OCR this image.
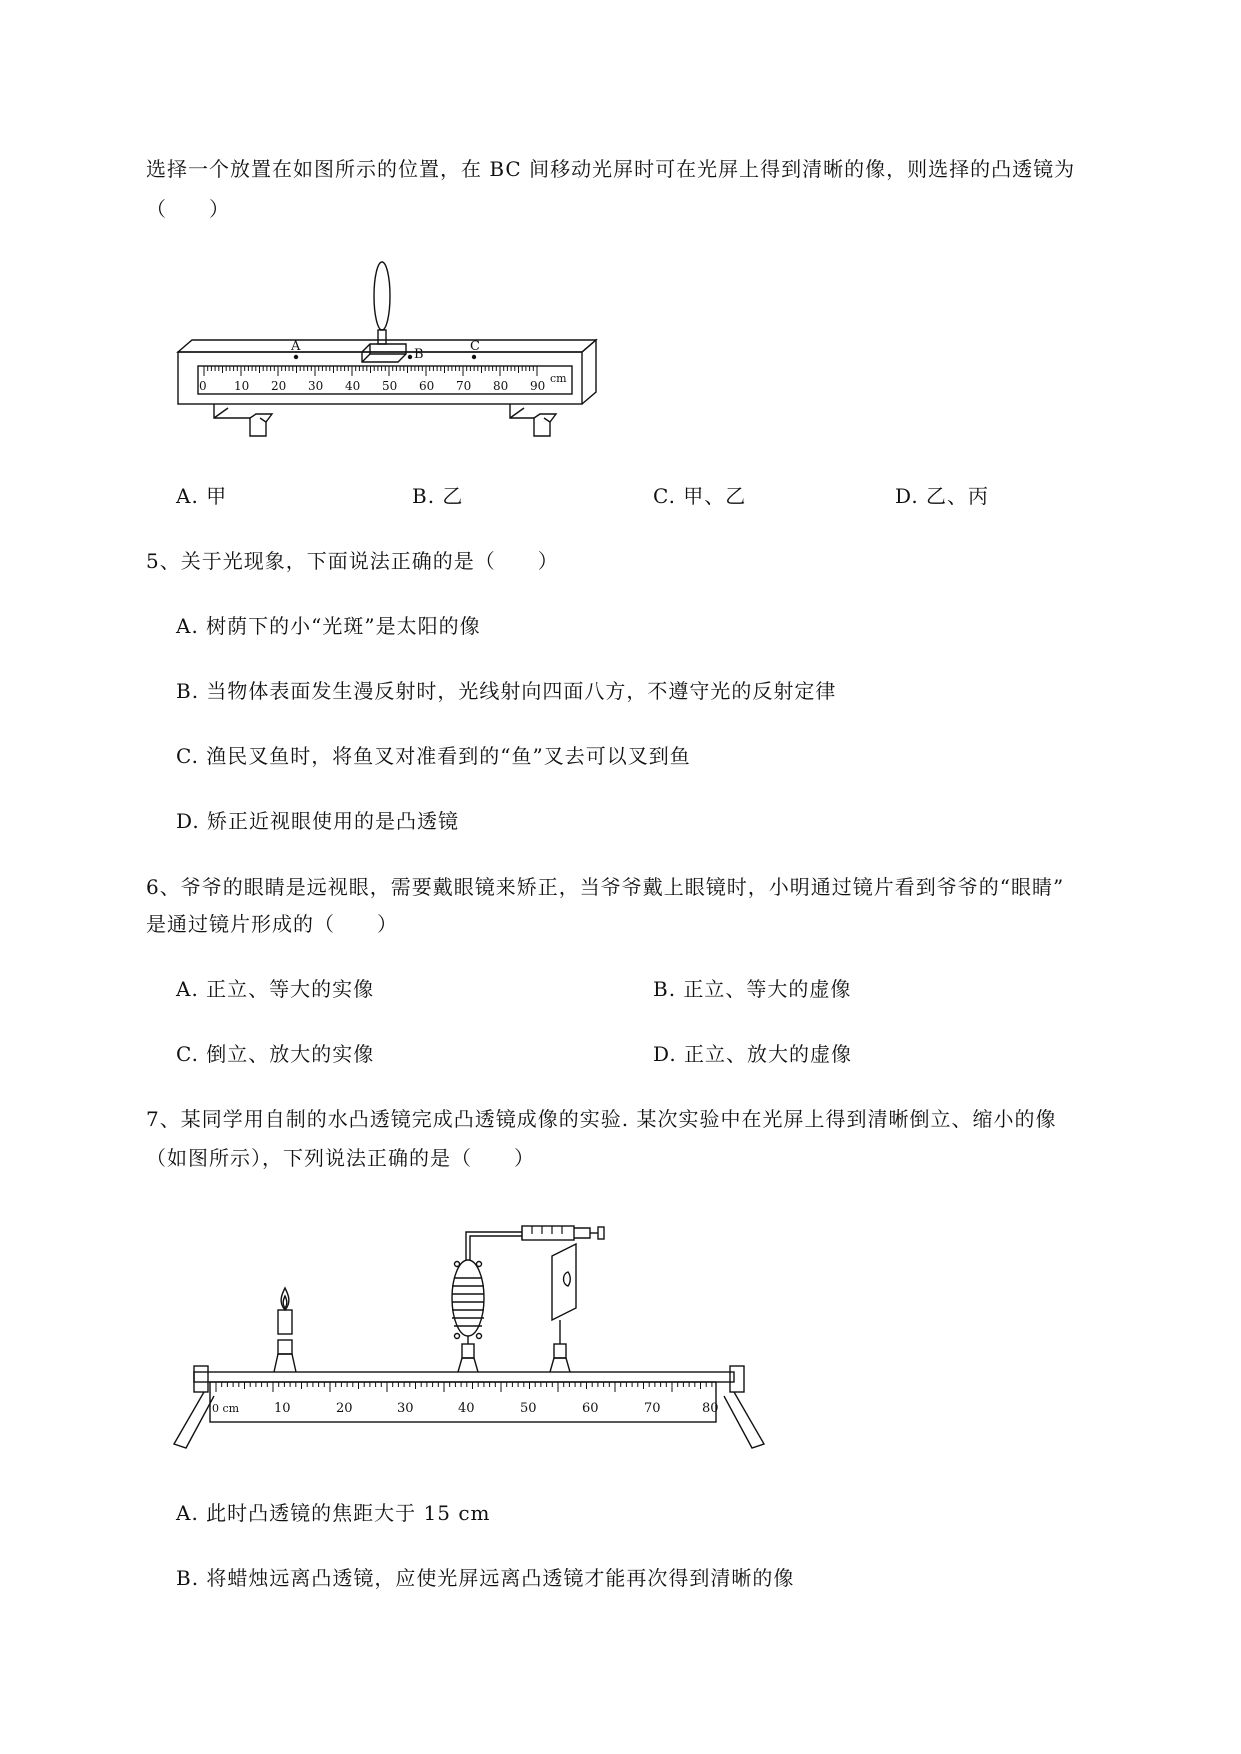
选择一个放置在如图所示的位置，在 BC 间移动光屏时可在光屏上得到清晰的像，则选择的凸透镜为
（　　）
A
B
C
0 10 20 30 40 50 60 70 80 90
cm
A. 甲	B. 乙	C. 甲、乙	D. 乙、丙
5、关于光现象，下面说法正确的是（　　）
A. 树荫下的小“光斑”是太阳的像
B. 当物体表面发生漫反射时，光线射向四面八方，不遵守光的反射定律
C. 渔民叉鱼时，将鱼叉对准看到的“鱼”叉去可以叉到鱼
D. 矫正近视眼使用的是凸透镜
6、爷爷的眼睛是远视眼，需要戴眼镜来矫正，当爷爷戴上眼镜时，小明通过镜片看到爷爷的“眼睛”
是通过镜片形成的（　　）
A. 正立、等大的实像	B. 正立、等大的虚像
C. 倒立、放大的实像	D. 正立、放大的虚像
7、某同学用自制的水凸透镜完成凸透镜成像的实验. 某次实验中在光屏上得到清晰倒立、缩小的像
（如图所示），下列说法正确的是（　　）
0 cm	10	20	30	40	50	60	70	80
A. 此时凸透镜的焦距大于 15 cm
B. 将蜡烛远离凸透镜，应使光屏远离凸透镜才能再次得到清晰的像
